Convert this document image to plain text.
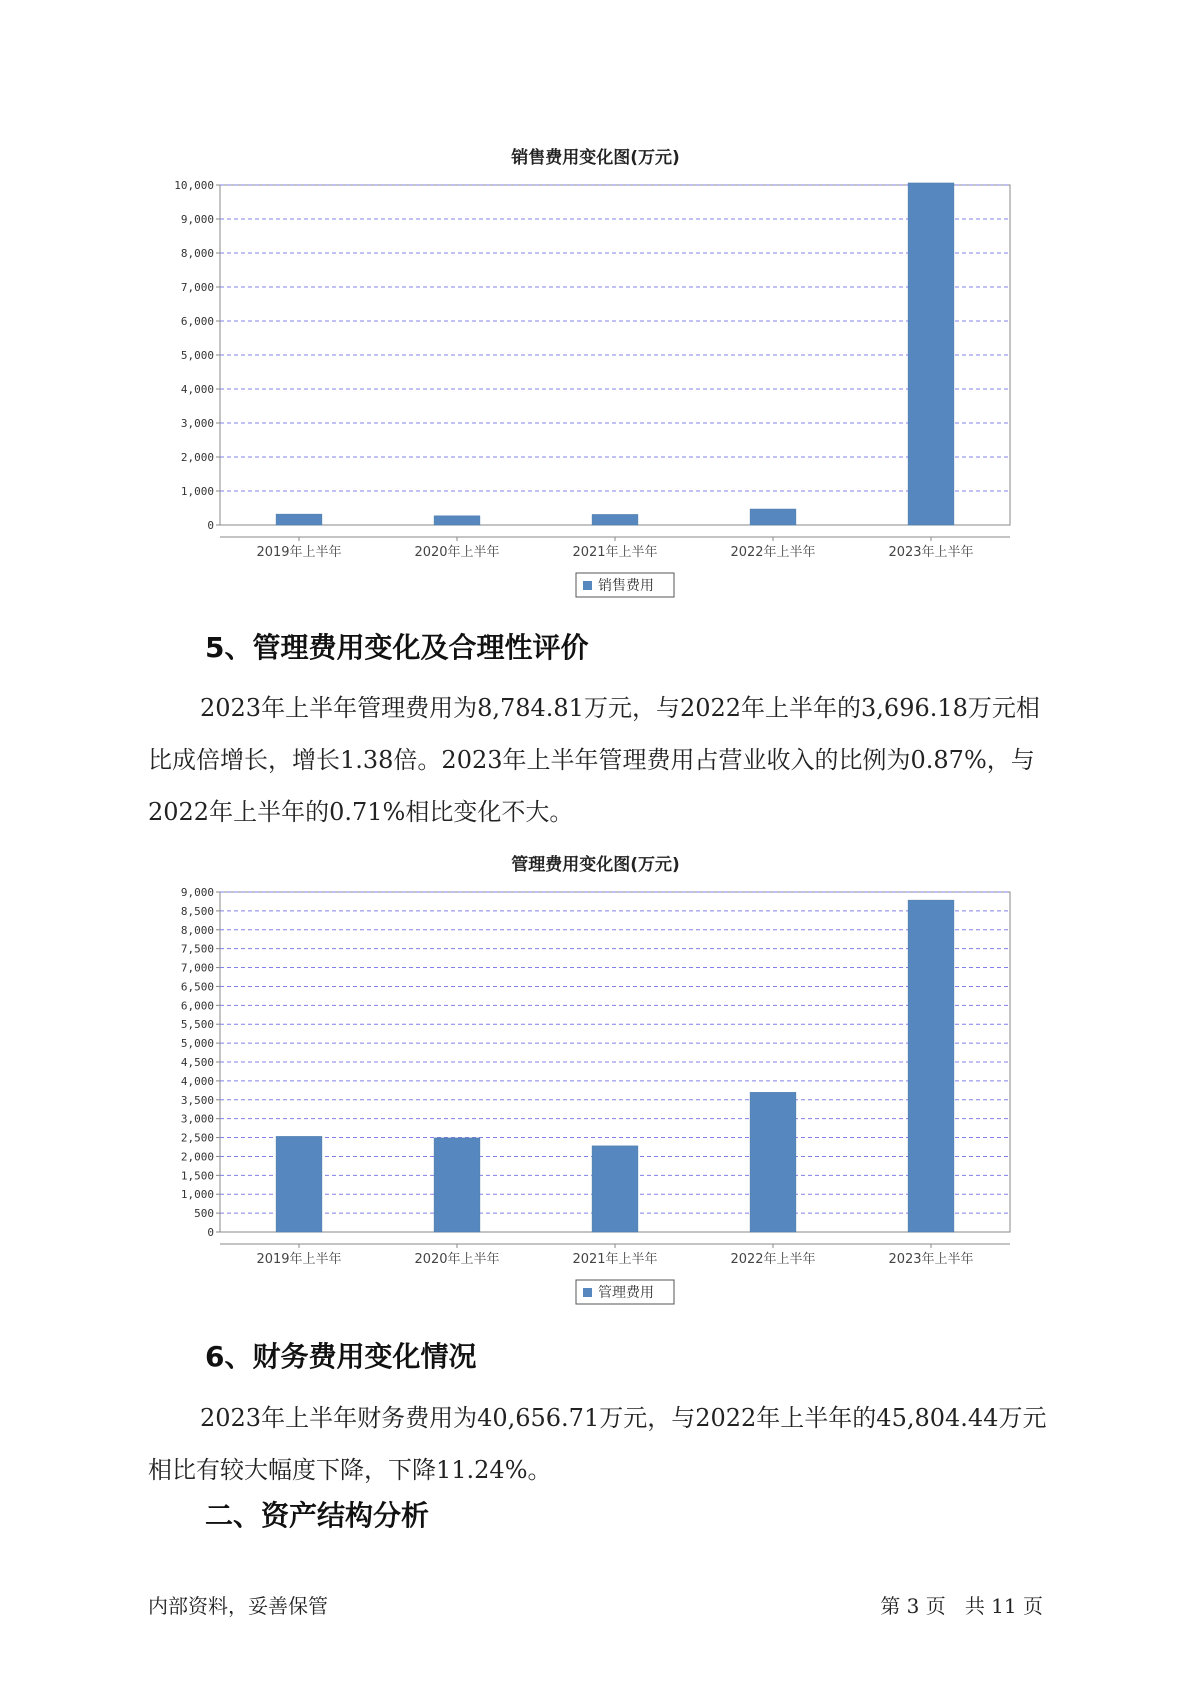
销售费用变化图(万元)
0
1,000
2,000
3,000
4,000
5,000
6,000
7,000
8,000
9,000
10,000
2019年上半年	2020年上半年	2021年上半年	2022年上半年	2023年上半年
销售费用
5、管理费用变化及合理性评价

2023年上半年管理费用为8,784.81万元，与2022年上半年的3,696.18万元相比成倍增长，增长1.38倍。2023年上半年管理费用占营业收入的比例为0.87%，与2022年上半年的0.71%相比变化不大。

管理费用变化图(万元)
0
500
1,000
1,500
2,000
2,500
3,000
3,500
4,000
4,500
5,000
5,500
6,000
6,500
7,000
7,500
8,000
8,500
9,000
2019年上半年	2020年上半年	2021年上半年	2022年上半年	2023年上半年
管理费用
6、财务费用变化情况

2023年上半年财务费用为40,656.71万元，与2022年上半年的45,804.44万元相比有较大幅度下降，下降11.24%。

二、资产结构分析
内部资料，妥善保管	第 3 页   共 11 页
